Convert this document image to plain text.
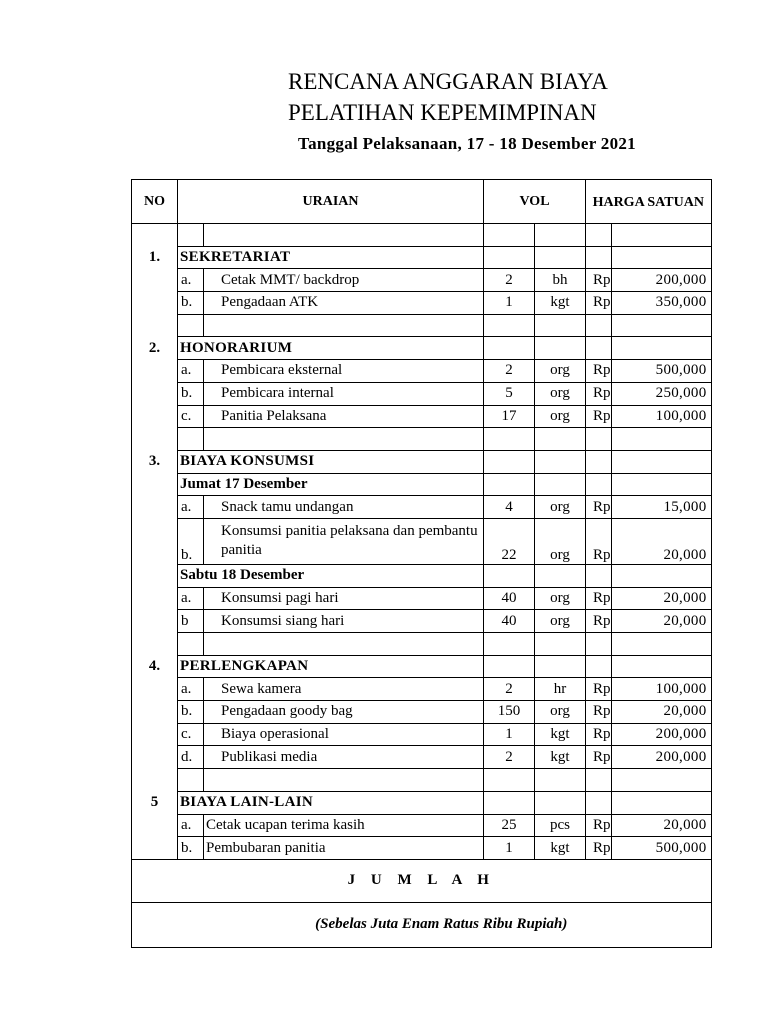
RENCANA ANGGARAN BIAYA
PELATIHAN KEPEMIMPINAN
Tanggal Pelaksanaan, 17 - 18 Desember 2021
NO	URAIAN		VOL		HARGA SATUAN	

1.	SEKRETARIAT					
	a.	Cetak MMT/ backdrop	2	bh	Rp	200,000
	b.	Pengadaan ATK	1	kgt	Rp	350,000

2.	HONORARIUM					
	a.	Pembicara eksternal	2	org	Rp	500,000
	b.	Pembicara internal	5	org	Rp	250,000
	c.	Panitia Pelaksana	17	org	Rp	100,000

3.	BIAYA KONSUMSI					
	Jumat 17 Desember					
	a.	Snack tamu undangan	4	org	Rp	15,000
	b.	Konsumsi panitia pelaksana dan pembantu panitia	22	org	Rp	20,000
	Sabtu 18 Desember					
	a.	Konsumsi pagi hari	40	org	Rp	20,000
	b	Konsumsi siang hari	40	org	Rp	20,000

4.	PERLENGKAPAN					
	a.	Sewa kamera	2	hr	Rp	100,000
	b.	Pengadaan goody bag	150	org	Rp	20,000
	c.	Biaya operasional	1	kgt	Rp	200,000
	d.	Publikasi media	2	kgt	Rp	200,000

5	BIAYA LAIN-LAIN					
	a.	Cetak ucapan terima kasih	25	pcs	Rp	20,000
	b.	Pembubaran panitia	1	kgt	Rp	500,000
J U M L A H						
(Sebelas Juta Enam Ratus Ribu Rupiah)						
